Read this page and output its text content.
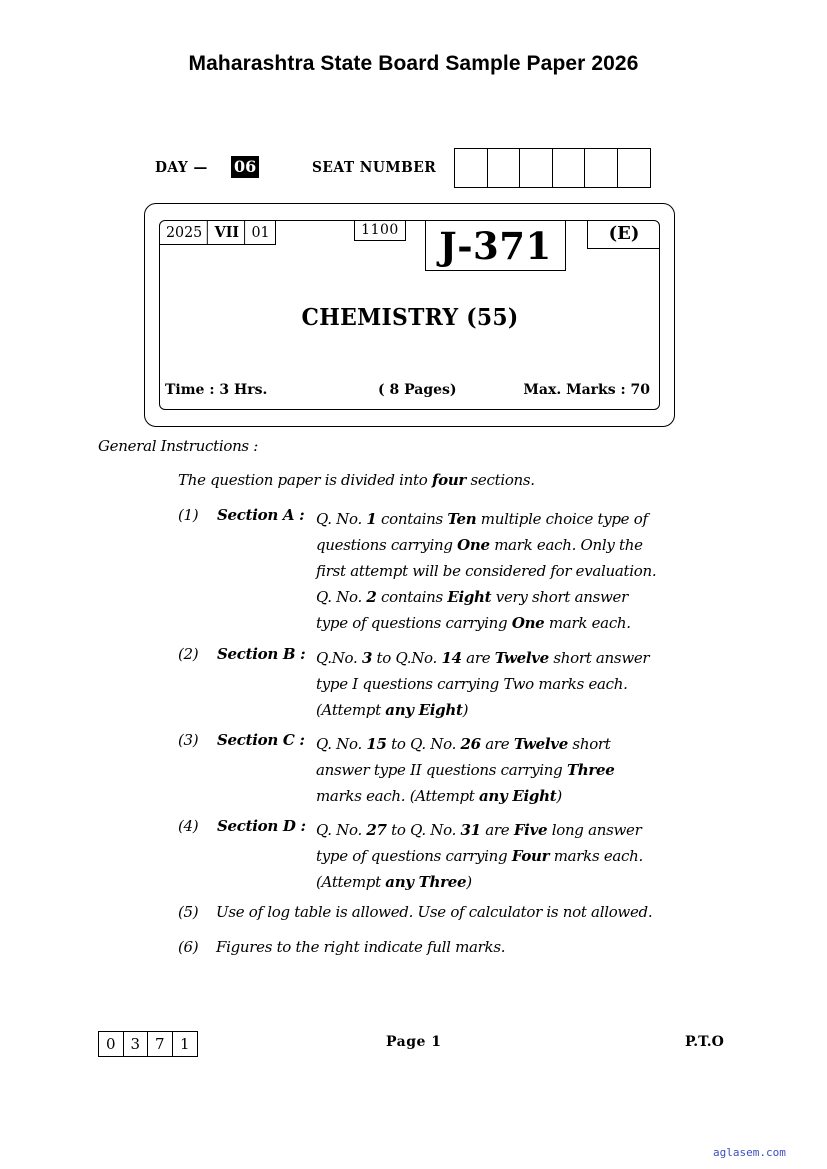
Maharashtra State Board Sample Paper 2026
DAY — 06	SEAT NUMBER
2025 VII 01	1100	J-371	(E)
CHEMISTRY (55)
Time : 3 Hrs.	( 8 Pages)	Max. Marks : 70
General Instructions :
The question paper is divided into four sections.
(1)	Section A : Q. No. 1 contains Ten multiple choice type of
questions carrying One mark each. Only the
first attempt will be considered for evaluation.
Q. No. 2 contains Eight very short answer
type of questions carrying One mark each.
(2)	Section B : Q.No. 3 to Q.No. 14 are Twelve short answer
type I questions carrying Two marks each.
(Attempt any Eight)
(3)	Section C : Q. No. 15 to Q. No. 26 are Twelve short
answer type II questions carrying Three
marks each. (Attempt any Eight)
(4)	Section D : Q. No. 27 to Q. No. 31 are Five long answer
type of questions carrying Four marks each.
(Attempt any Three)
(5)	Use of log table is allowed. Use of calculator is not allowed.
(6)	Figures to the right indicate full marks.
0 3 7	1	Page 1	P.T.O
aglasem.com
